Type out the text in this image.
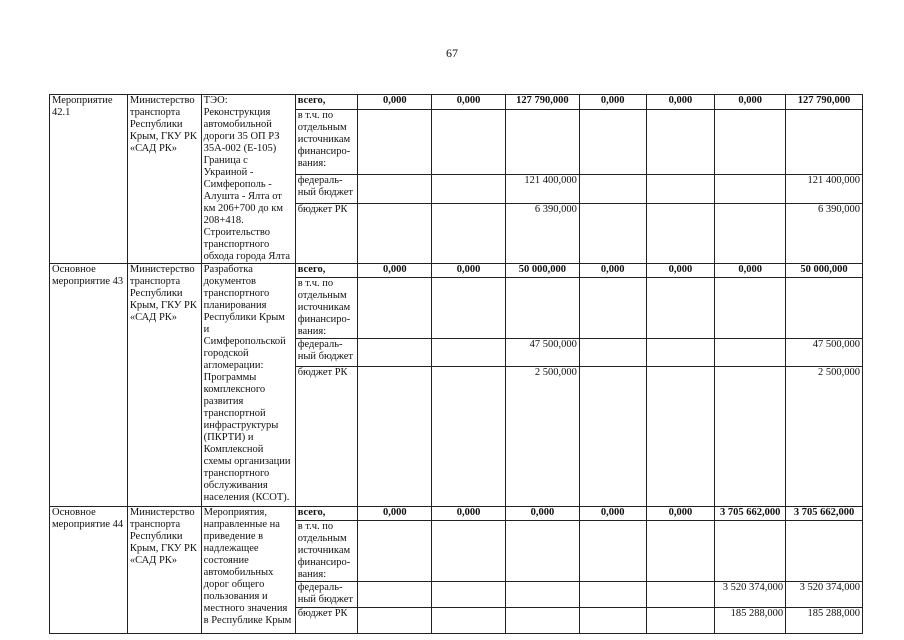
67
Мероприятие 42.1	Министерство транспорта Республики Крым, ГКУ РК «САД РК»	ТЭО: Реконструкция автомобильной дороги 35 ОП РЗ 35А-002 (Е-105) Граница с Украиной - Симферополь - Алушта - Ялта от км 206+700 до км 208+418. Строительство транспортного обхода города Ялта	всего,	0,000	0,000	127 790,000	0,000	0,000	0,000	127 790,000
			в т.ч. по отдельным источникам финансиро-вания:							
			федераль-ный бюджет			121 400,000				121 400,000
			бюджет РК			6 390,000				6 390,000
Основное мероприятие 43	Министерство транспорта Республики Крым, ГКУ РК «САД РК»	Разработка документов транспортного планирования Республики Крым и Симферопольской городской агломерации: Программы комплексного развития транспортной инфраструктуры (ПКРТИ) и Комплексной схемы организации транспортного обслуживания населения (КСОТ).	всего,	0,000	0,000	50 000,000	0,000	0,000	0,000	50 000,000
			в т.ч. по отдельным источникам финансиро-вания:							
			федераль-ный бюджет			47 500,000				47 500,000
			бюджет РК			2 500,000				2 500,000
Основное мероприятие 44	Министерство транспорта Республики Крым, ГКУ РК «САД РК»	Мероприятия, направленные на приведение в надлежащее состояние автомобильных дорог общего пользования и местного значения в Республике Крым	всего,	0,000	0,000	0,000	0,000	0,000	3 705 662,000	3 705 662,000
			в т.ч. по отдельным источникам финансиро-вания:							
			федераль-ный бюджет						3 520 374,000	3 520 374,000
			бюджет РК						185 288,000	185 288,000
